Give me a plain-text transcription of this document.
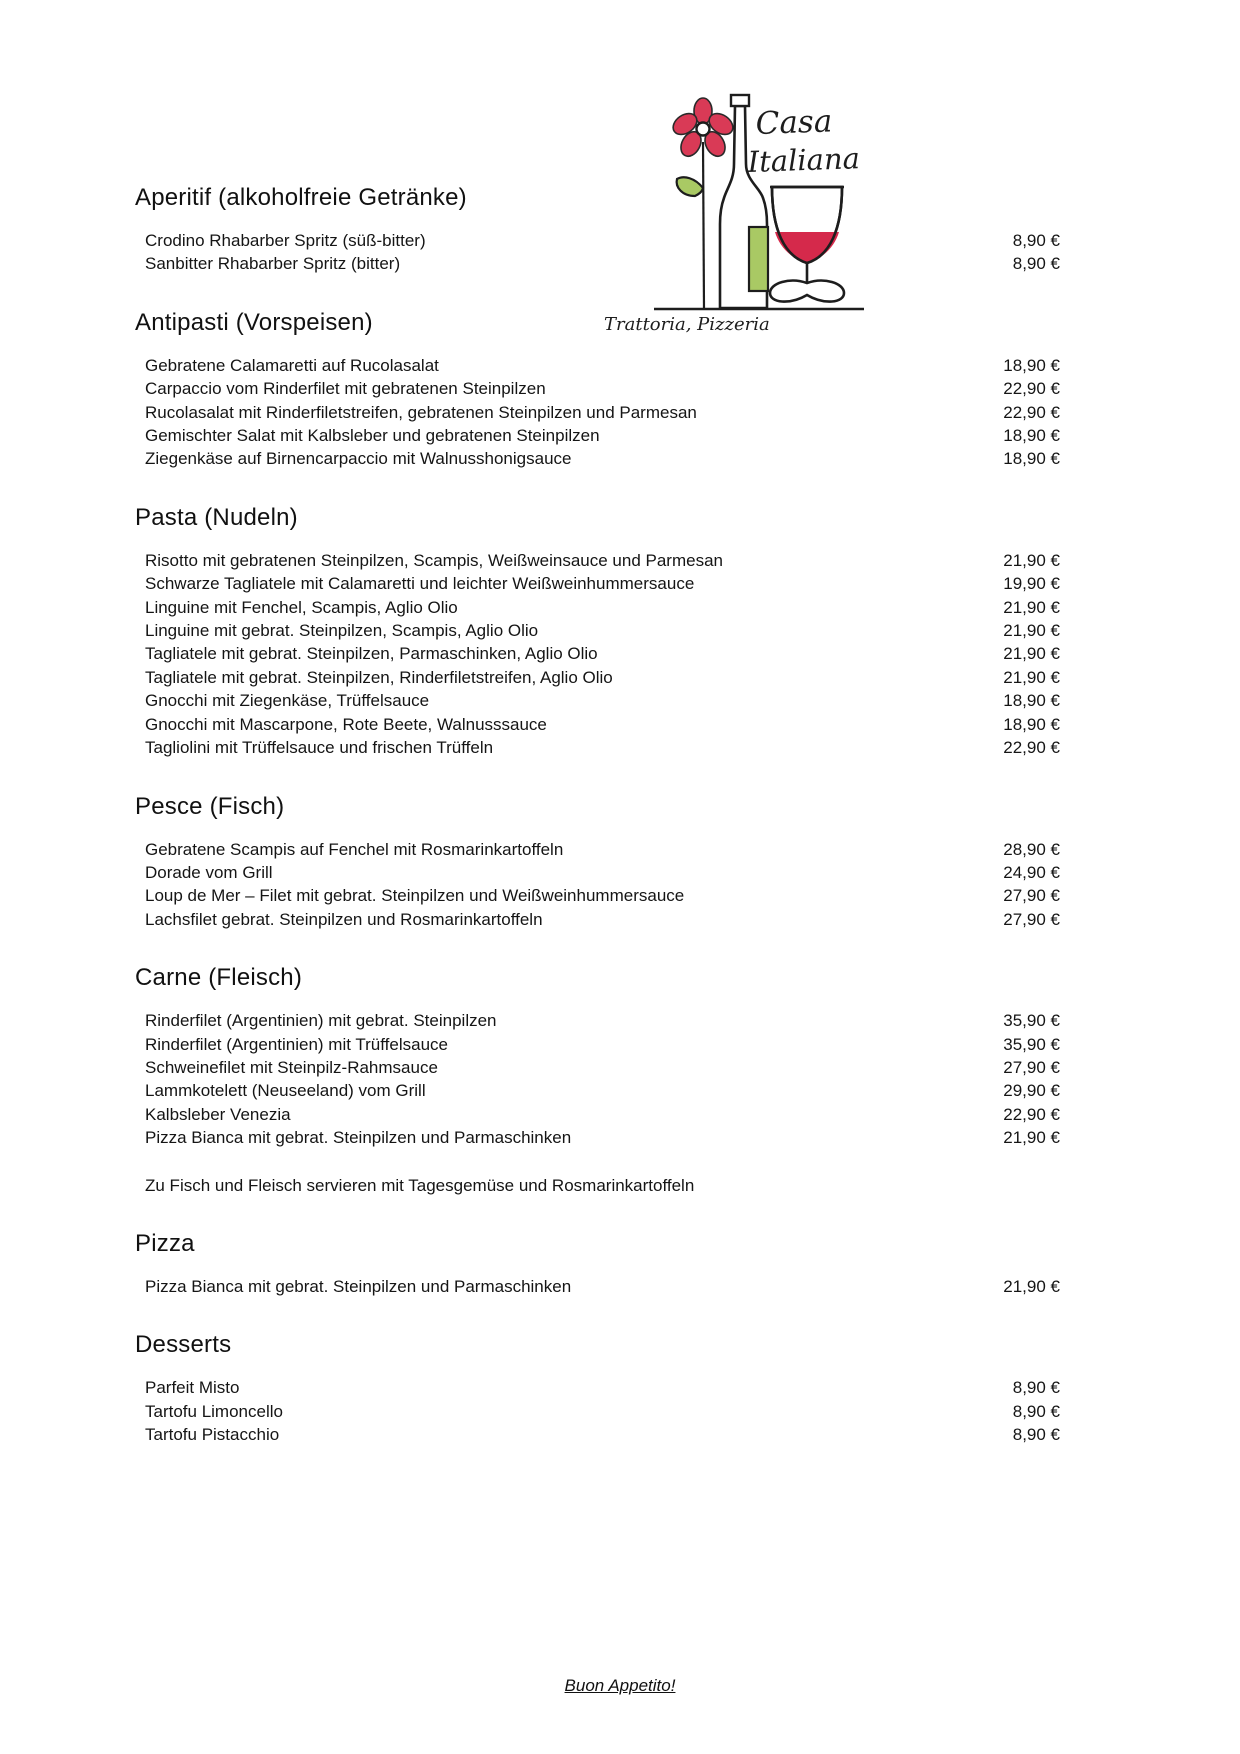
Casa
Italiana
Trattoria, Pizzeria
Aperitif (alkoholfreie Getränke)
Crodino Rhabarber Spritz (süß-bitter)	8,90 €
Sanbitter Rhabarber Spritz (bitter)	8,90 €
Antipasti (Vorspeisen)
Gebratene Calamaretti auf Rucolasalat	18,90 €
Carpaccio vom Rinderfilet mit gebratenen Steinpilzen	22,90 €
Rucolasalat mit Rinderfiletstreifen, gebratenen Steinpilzen und Parmesan	22,90 €
Gemischter Salat mit Kalbsleber und gebratenen Steinpilzen	18,90 €
Ziegenkäse auf Birnencarpaccio mit Walnusshonigsauce	18,90 €
Pasta (Nudeln)
Risotto mit gebratenen Steinpilzen, Scampis, Weißweinsauce und Parmesan	21,90 €
Schwarze Tagliatele mit Calamaretti und leichter Weißweinhummersauce	19,90 €
Linguine mit Fenchel, Scampis, Aglio Olio	21,90 €
Linguine mit gebrat. Steinpilzen, Scampis, Aglio Olio	21,90 €
Tagliatele mit gebrat. Steinpilzen, Parmaschinken, Aglio Olio	21,90 €
Tagliatele mit gebrat. Steinpilzen, Rinderfiletstreifen, Aglio Olio	21,90 €
Gnocchi mit Ziegenkäse, Trüffelsauce	18,90 €
Gnocchi mit Mascarpone, Rote Beete, Walnusssauce	18,90 €
Tagliolini mit Trüffelsauce und frischen Trüffeln	22,90 €
Pesce (Fisch)
Gebratene Scampis auf Fenchel mit Rosmarinkartoffeln	28,90 €
Dorade vom Grill	24,90 €
Loup de Mer – Filet mit gebrat. Steinpilzen und Weißweinhummersauce	27,90 €
Lachsfilet gebrat. Steinpilzen und Rosmarinkartoffeln	27,90 €
Carne (Fleisch)
Rinderfilet (Argentinien) mit gebrat. Steinpilzen	35,90 €
Rinderfilet (Argentinien) mit Trüffelsauce	35,90 €
Schweinefilet mit Steinpilz-Rahmsauce	27,90 €
Lammkotelett (Neuseeland) vom Grill	29,90 €
Kalbsleber Venezia	22,90 €
Pizza Bianca mit gebrat. Steinpilzen und Parmaschinken	21,90 €

Zu Fisch und Fleisch servieren mit Tagesgemüse und Rosmarinkartoffeln

Pizza
Pizza Bianca mit gebrat. Steinpilzen und Parmaschinken	21,90 €
Desserts
Parfeit Misto	8,90 €
Tartofu Limoncello	8,90 €
Tartofu Pistacchio	8,90 €
Buon Appetito!
